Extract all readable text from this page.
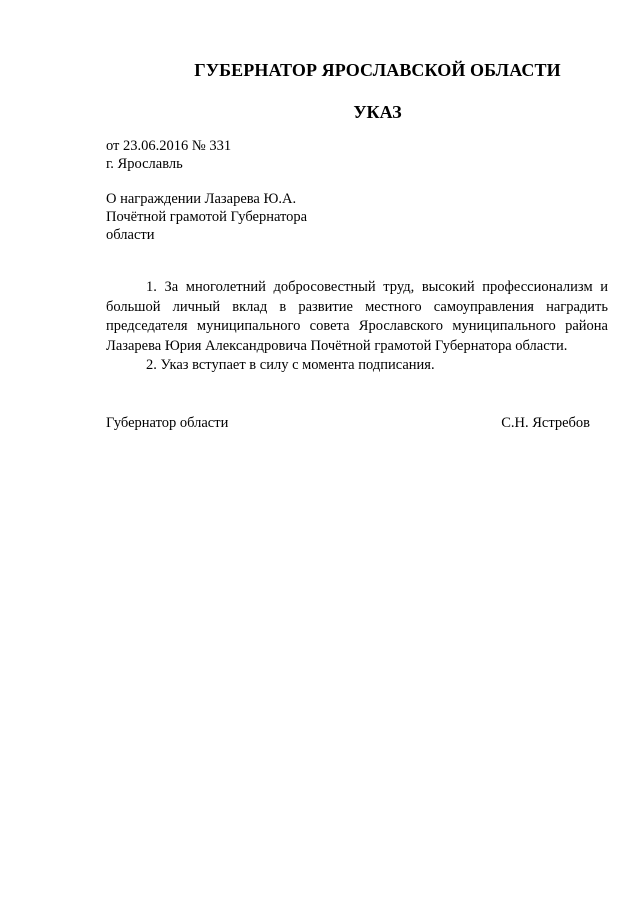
ГУБЕРНАТОР ЯРОСЛАВСКОЙ ОБЛАСТИ
УКАЗ
от 23.06.2016 № 331
г. Ярославль
О награждении Лазарева Ю.А.
Почётной грамотой Губернатора
области

1. За многолетний добросовестный труд, высокий профессионализм и большой личный вклад в развитие местного самоуправления наградить председателя муниципального совета Ярославского муниципального района Лазарева Юрия Александровича Почётной грамотой Губернатора области.

2. Указ вступает в силу с момента подписания.

Губернатор области	С.Н. Ястребов
